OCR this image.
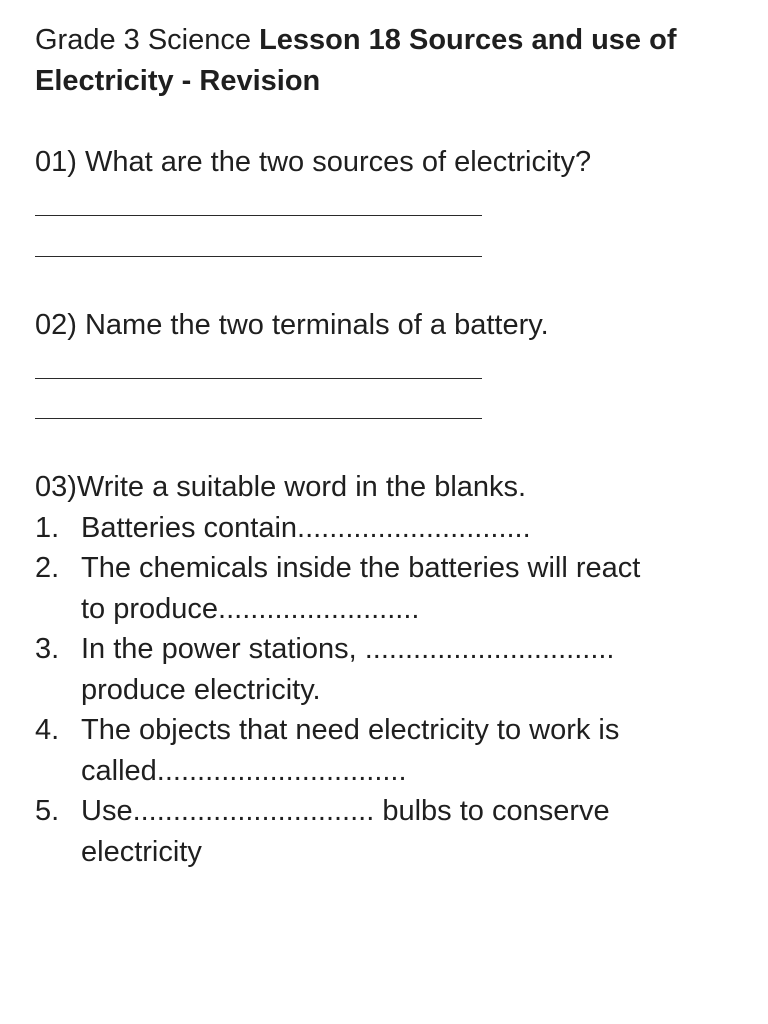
Grade 3 Science Lesson 18 Sources and use of
Electricity - Revision
01) What are the two sources of electricity?
02) Name the two terminals of a battery.
03)Write a suitable word in the blanks.
1. Batteries contain.............................
2. The chemicals inside the batteries will react
to produce.........................
3. In the power stations, ...............................
produce electricity.
4. The objects that need electricity to work is
called...............................
5. Use.............................. bulbs to conserve
electricity
